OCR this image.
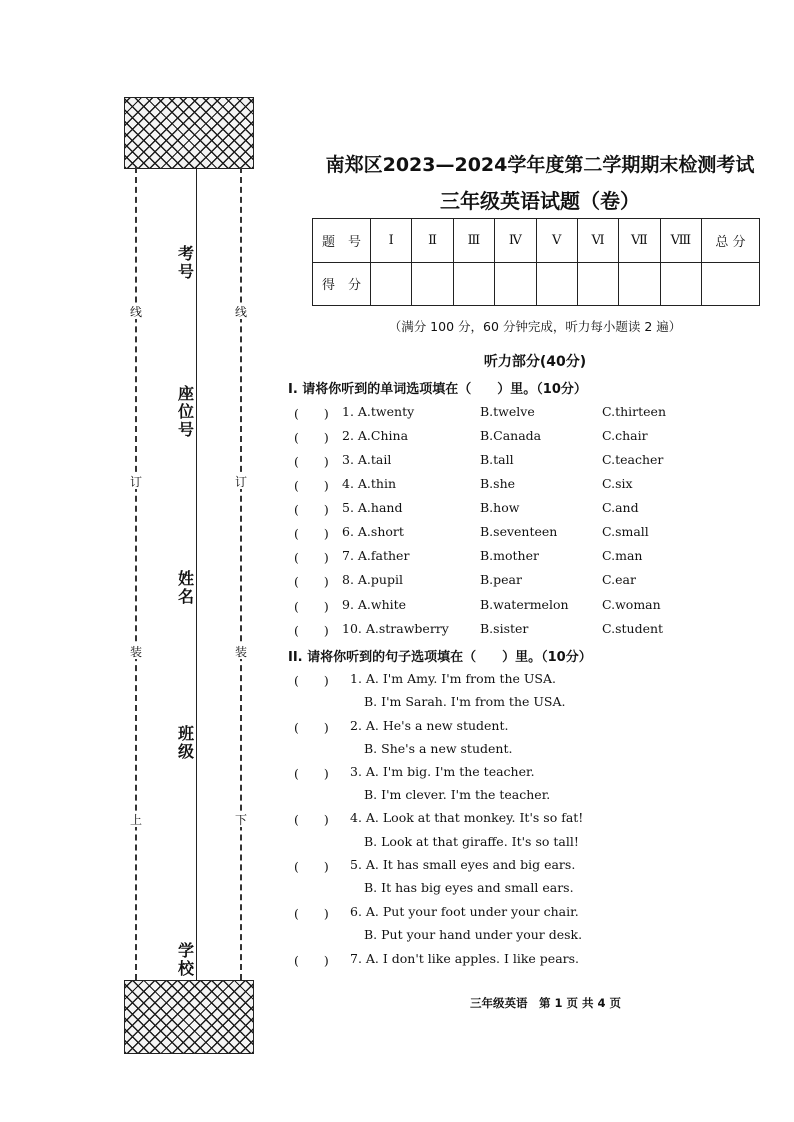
线
订
装
上
线
订
装
下
考号
座位号
姓名
班级
学校
南郑区2023—2024学年度第二学期期末检测考试
三年级英语试题（卷）
题　号	Ⅰ	Ⅱ	Ⅲ	Ⅳ	Ⅴ	Ⅵ	Ⅶ	Ⅷ	总 分
得　分									
（满分 100 分，60 分钟完成，听力每小题读 2 遍）
听力部分(40分)
I. 请将你听到的单词选项填在（　　）里。（10分）
(　　)	1. A.twenty	B.twelve	C.thirteen
(　　)	2. A.China	B.Canada	C.chair
(　　)	3. A.tail	B.tall	C.teacher
(　　)	4. A.thin	B.she	C.six
(　　)	5. A.hand	B.how	C.and
(　　)	6. A.short	B.seventeen	C.small
(　　)	7. A.father	B.mother	C.man
(　　)	8. A.pupil	B.pear	C.ear
(　　)	9. A.white	B.watermelon	C.woman
(　　)	10. A.strawberry B.sister	C.student
II. 请将你听到的句子选项填在（　　）里。（10分）
(　　) 1. A. I'm Amy. I'm from the USA.
B. I'm Sarah. I'm from the USA.
(　　) 2. A. He's a new student.
B. She's a new student.
(　　) 3. A. I'm big. I'm the teacher.
B. I'm clever. I'm the teacher.
(　　) 4. A. Look at that monkey. It's so fat!
B. Look at that giraffe. It's so tall!
(　　) 5. A. It has small eyes and big ears.
B. It has big eyes and small ears.
(　　) 6. A. Put your foot under your chair.
B. Put your hand under your desk.
(　　) 7. A. I don't like apples. I like pears.
三年级英语　第 1 页 共 4 页
